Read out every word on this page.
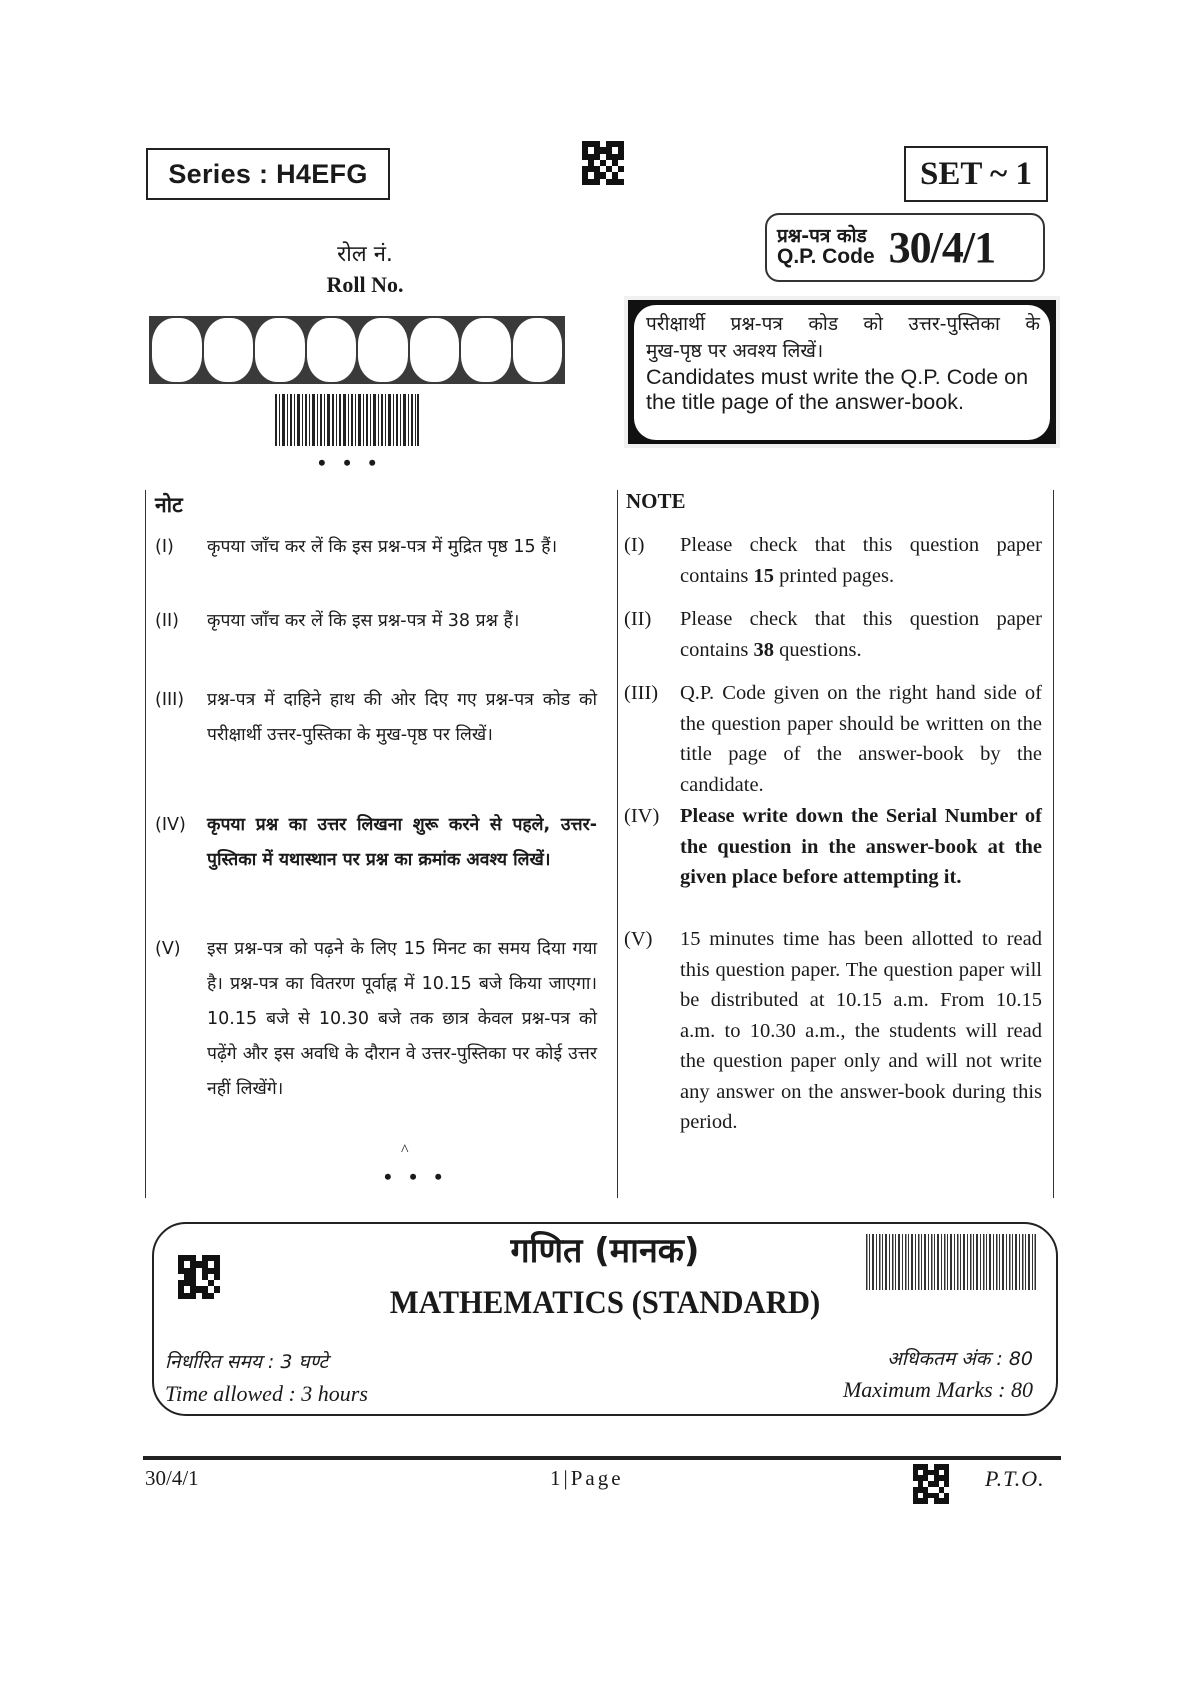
Series : H4EFG	SET ~ 1
रोल नं.
Roll No.
• • •
प्रश्न-पत्र कोड
Q.P. Code 30/4/1
परीक्षार्थी प्रश्न-पत्र कोड को उत्तर-पुस्तिका के
मुख-पृष्ठ पर अवश्य लिखें।
Candidates must write the Q.P. Code on the title page of the answer-book.
नोट
(I)	कृपया जाँच कर लें कि इस प्रश्न-पत्र में मुद्रित पृष्ठ 15 हैं।
(II)	कृपया जाँच कर लें कि इस प्रश्न-पत्र में 38 प्रश्न हैं।
(III)	प्रश्न-पत्र में दाहिने हाथ की ओर दिए गए प्रश्न-पत्र कोड को परीक्षार्थी उत्तर-पुस्तिका के मुख-पृष्ठ पर लिखें।
(IV)	कृपया प्रश्न का उत्तर लिखना शुरू करने से पहले, उत्तर-पुस्तिका में यथास्थान पर प्रश्न का क्रमांक अवश्य लिखें।
(V)	इस प्रश्न-पत्र को पढ़ने के लिए 15 मिनट का समय दिया गया है। प्रश्न-पत्र का वितरण पूर्वाह्न में 10.15 बजे किया जाएगा। 10.15 बजे से 10.30 बजे तक छात्र केवल प्रश्न-पत्र को पढ़ेंगे और इस अवधि के दौरान वे उत्तर-पुस्तिका पर कोई उत्तर नहीं लिखेंगे।
^
• • •
NOTE
(I)	Please check that this question paper contains 15 printed pages.
(II)	Please check that this question paper contains 38 questions.
(III)	Q.P. Code given on the right hand side of the question paper should be written on the title page of the answer-book by the candidate.
(IV)	Please write down the Serial Number of the question in the answer-book at the given place before attempting it.
(V)	15 minutes time has been allotted to read this question paper. The question paper will be distributed at 10.15 a.m. From 10.15 a.m. to 10.30 a.m., the students will read the question paper only and will not write any answer on the answer-book during this period.
गणित (मानक)
MATHEMATICS (STANDARD)
निर्धारित समय : 3 घण्टे
Time allowed : 3 hours
अधिकतम अंक : 80
Maximum Marks : 80
30/4/1	1|Page	P.T.O.
